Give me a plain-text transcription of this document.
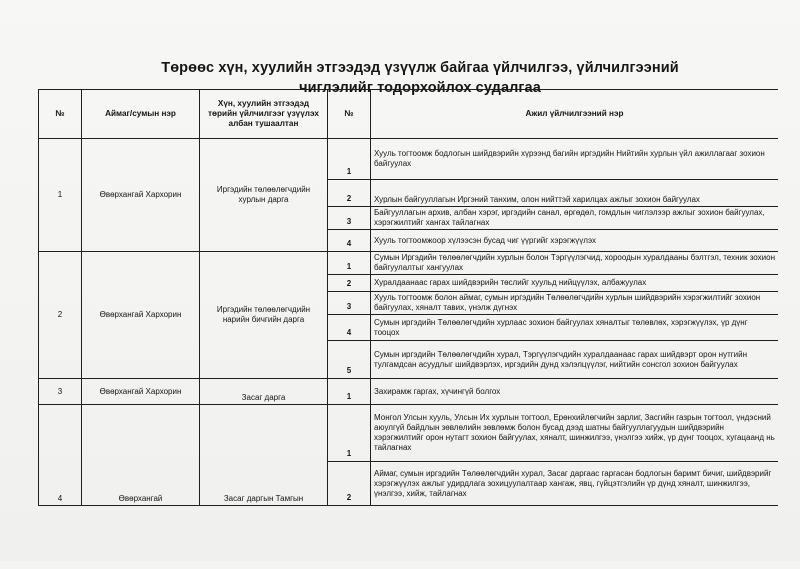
Төрөөс хүн, хуулийн этгээдэд үзүүлж байгаа үйлчилгээ, үйлчилгээний
чиглэлийг тодорхойлох судалгаа
№	Аймаг/сумын нэр	Хүн, хуулийн этгээдэд төрийн үйлчилгээг үзүүлэх албан тушаалтан	№	Ажил үйлчилгээний нэр
1	Өвөрхангай Хархорин	Иргэдийн төлөөлөгчдийн хурлын дарга	1	Хууль тогтоомж бодлогын шийдвэрийн хүрээнд багийн иргэдийн Нийтийн хурлын үйл ажиллагааг зохион байгуулах
			2	Хурлын байгууллагын Иргэний танхим, олон нийттэй харилцах ажлыг зохион байгуулах
			3	Байгууллагын архив, албан хэрэг, иргэдийн санал, өргөдөл, гомдлын чиглэлээр ажлыг зохион байгуулах, хэрэгжилтийг хангах тайлагнах
			4	Хууль тогтоомжоор хүлээсэн бусад чиг үүргийг хэрэгжүүлэх
2	Өвөрхангай Хархорин	Иргэдийн төлөөлөгчдийн нарийн бичгийн дарга	1	Сумын Иргэдийн төлөөлөгчдийн хурлын болон Тэргүүлэгчид, хороодын хуралдааны бэлтгэл, техник зохион байгуулалтыг хангуулах
			2	Хуралдаанаас гарах шийдвэрийн төслийг хуульд нийцүүлэх, албажуулах
			3	Хууль тогтоомж болон аймаг, сумын иргэдийн Төлөөлөгчдийн хурлын шийдвэрийн хэрэгжилтийг зохион байгуулах, хяналт тавих, үнэлж дүгнэх
			4	Сумын иргэдийн Төлөөлөгчдийн хурлаас зохион байгуулах хяналтыг төлөвлөх, хэрэгжүүлэх, үр дүнг тооцох
			5	Сумын иргэдийн Төлөөлөгчдийн хурал, Тэргүүлэгчдийн хуралдаанаас гарах шийдвэрт орон нутгийн тулгамдсан асуудлыг шийдвэрлэх, иргэдийн дунд хэлэлцүүлэг, нийтийн сонсгол зохион байгуулах
3	Өвөрхангай Хархорин	Засаг дарга	1	Захирамж гаргах, хүчингүй болгох
4	Өвөрхангай	Засаг даргын Тамгын	1	Монгол Улсын хууль, Улсын Их хурлын тогтоол, Ерөнхийлөгчийн зарлиг, Засгийн газрын тогтоол, үндэсний аюулгүй байдлын зөвлөлийн зөвлөмж болон бусад дээд шатны байгууллагуудын шийдвэрийн хэрэгжилтийг орон нутагт зохион байгуулах, хяналт, шинжилгээ, үнэлгээ хийж, үр дүнг тооцох, хугацаанд нь тайлагнах
			2	Аймаг, сумын иргэдийн Төлөөлөгчдийн хурал, Засаг даргаас гаргасан бодлогын баримт бичиг, шийдвэрийг хэрэгжүүлэх ажлыг удирдлага зохицуулалтаар хангаж, явц, гүйцэтгэлийн үр дүнд хяналт, шинжилгээ, үнэлгээ, хийж, тайлагнах
